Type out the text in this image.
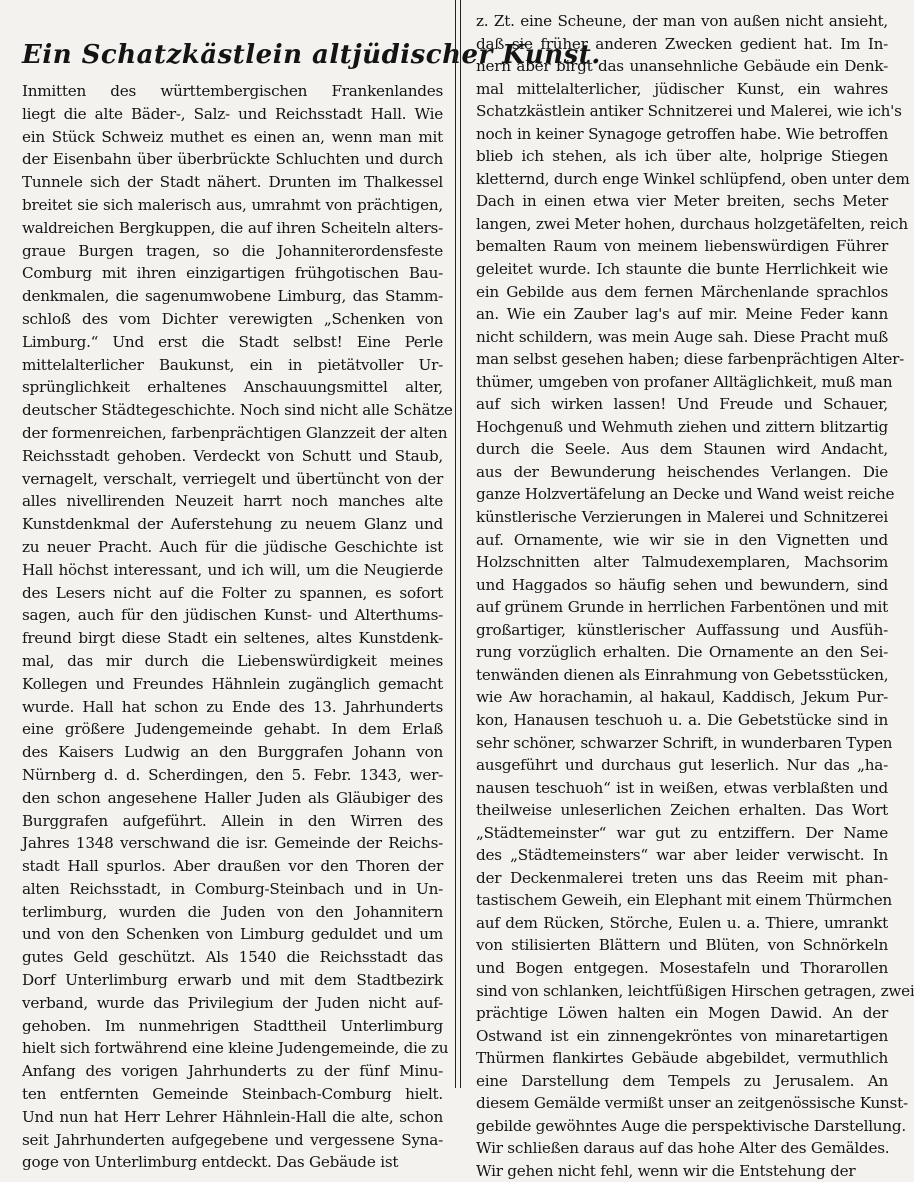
Ein Schatzkästlein altjüdischer Kunst.
Inmitten des württembergischen Frankenlandes
liegt die alte Bäder-, Salz- und Reichsstadt Hall. Wie
ein Stück Schweiz muthet es einen an, wenn man mit
der Eisenbahn über überbrückte Schluchten und durch
Tunnele sich der Stadt nähert. Drunten im Thalkessel
breitet sie sich malerisch aus, umrahmt von prächtigen,
waldreichen Bergkuppen, die auf ihren Scheiteln alters-
graue Burgen tragen, so die Johanniterordensfeste
Comburg mit ihren einzigartigen frühgotischen Bau-
denkmalen, die sagenumwobene Limburg, das Stamm-
schloß des vom Dichter verewigten „Schenken von
Limburg.“ Und erst die Stadt selbst! Eine Perle
mittelalterlicher Baukunst, ein in pietätvoller Ur-
sprünglichkeit erhaltenes Anschauungsmittel alter,
deutscher Städtegeschichte. Noch sind nicht alle Schätze
der formenreichen, farbenprächtigen Glanzzeit der alten
Reichsstadt gehoben. Verdeckt von Schutt und Staub,
vernagelt, verschalt, verriegelt und übertüncht von der
alles nivellirenden Neuzeit harrt noch manches alte
Kunstdenkmal der Auferstehung zu neuem Glanz und
zu neuer Pracht. Auch für die jüdische Geschichte ist
Hall höchst interessant, und ich will, um die Neugierde
des Lesers nicht auf die Folter zu spannen, es sofort
sagen, auch für den jüdischen Kunst- und Alterthums-
freund birgt diese Stadt ein seltenes, altes Kunstdenk-
mal, das mir durch die Liebenswürdigkeit meines
Kollegen und Freundes Hähnlein zugänglich gemacht
wurde. Hall hat schon zu Ende des 13. Jahrhunderts
eine größere Judengemeinde gehabt. In dem Erlaß
des Kaisers Ludwig an den Burggrafen Johann von
Nürnberg d. d. Scherdingen, den 5. Febr. 1343, wer-
den schon angesehene Haller Juden als Gläubiger des
Burggrafen aufgeführt. Allein in den Wirren des
Jahres 1348 verschwand die isr. Gemeinde der Reichs-
stadt Hall spurlos. Aber draußen vor den Thoren der
alten Reichsstadt, in Comburg-Steinbach und in Un-
terlimburg, wurden die Juden von den Johannitern
und von den Schenken von Limburg geduldet und um
gutes Geld geschützt. Als 1540 die Reichsstadt das
Dorf Unterlimburg erwarb und mit dem Stadtbezirk
verband, wurde das Privilegium der Juden nicht auf-
gehoben. Im nunmehrigen Stadttheil Unterlimburg
hielt sich fortwährend eine kleine Judengemeinde, die zu
Anfang des vorigen Jahrhunderts zu der fünf Minu-
ten entfernten Gemeinde Steinbach-Comburg hielt.
Und nun hat Herr Lehrer Hähnlein-Hall die alte, schon
seit Jahrhunderten aufgegebene und vergessene Syna-
goge von Unterlimburg entdeckt. Das Gebäude ist
z. Zt. eine Scheune, der man von außen nicht ansieht,
daß sie früher anderen Zwecken gedient hat. Im In-
nern aber birgt das unansehnliche Gebäude ein Denk-
mal mittelalterlicher, jüdischer Kunst, ein wahres
Schatzkästlein antiker Schnitzerei und Malerei, wie ich's
noch in keiner Synagoge getroffen habe. Wie betroffen
blieb ich stehen, als ich über alte, holprige Stiegen
kletternd, durch enge Winkel schlüpfend, oben unter dem
Dach in einen etwa vier Meter breiten, sechs Meter
langen, zwei Meter hohen, durchaus holzgetäfelten, reich
bemalten Raum von meinem liebenswürdigen Führer
geleitet wurde. Ich staunte die bunte Herrlichkeit wie
ein Gebilde aus dem fernen Märchenlande sprachlos
an. Wie ein Zauber lag's auf mir. Meine Feder kann
nicht schildern, was mein Auge sah. Diese Pracht muß
man selbst gesehen haben; diese farbenprächtigen Alter-
thümer, umgeben von profaner Alltäglichkeit, muß man
auf sich wirken lassen! Und Freude und Schauer,
Hochgenuß und Wehmuth ziehen und zittern blitzartig
durch die Seele. Aus dem Staunen wird Andacht,
aus der Bewunderung heischendes Verlangen. Die
ganze Holzvertäfelung an Decke und Wand weist reiche
künstlerische Verzierungen in Malerei und Schnitzerei
auf. Ornamente, wie wir sie in den Vignetten und
Holzschnitten alter Talmudexemplaren, Machsorim
und Haggados so häufig sehen und bewundern, sind
auf grünem Grunde in herrlichen Farbentönen und mit
großartiger, künstlerischer Auffassung und Ausfüh-
rung vorzüglich erhalten. Die Ornamente an den Sei-
tenwänden dienen als Einrahmung von Gebetsstücken,
wie Aw horachamin, al hakaul, Kaddisch, Jekum Pur-
kon, Hanausen teschuoh u. a. Die Gebetstücke sind in
sehr schöner, schwarzer Schrift, in wunderbaren Typen
ausgeführt und durchaus gut leserlich. Nur das „ha-
nausen teschuoh“ ist in weißen, etwas verblaßten und
theilweise unleserlichen Zeichen erhalten. Das Wort
„Städtemeinster“ war gut zu entziffern. Der Name
des „Städtemeinsters“ war aber leider verwischt. In
der Deckenmalerei treten uns das Reeim mit phan-
tastischem Geweih, ein Elephant mit einem Thürmchen
auf dem Rücken, Störche, Eulen u. a. Thiere, umrankt
von stilisierten Blättern und Blüten, von Schnörkeln
und Bogen entgegen. Mosestafeln und Thorarollen
sind von schlanken, leichtfüßigen Hirschen getragen, zwei
prächtige Löwen halten ein Mogen Dawid. An der
Ostwand ist ein zinnengekröntes von minaretartigen
Thürmen flankirtes Gebäude abgebildet, vermuthlich
eine Darstellung dem Tempels zu Jerusalem. An
diesem Gemälde vermißt unser an zeitgenössische Kunst-
gebilde gewöhntes Auge die perspektivische Darstellung.
Wir schließen daraus auf das hohe Alter des Gemäldes.
Wir gehen nicht fehl, wenn wir die Entstehung der
